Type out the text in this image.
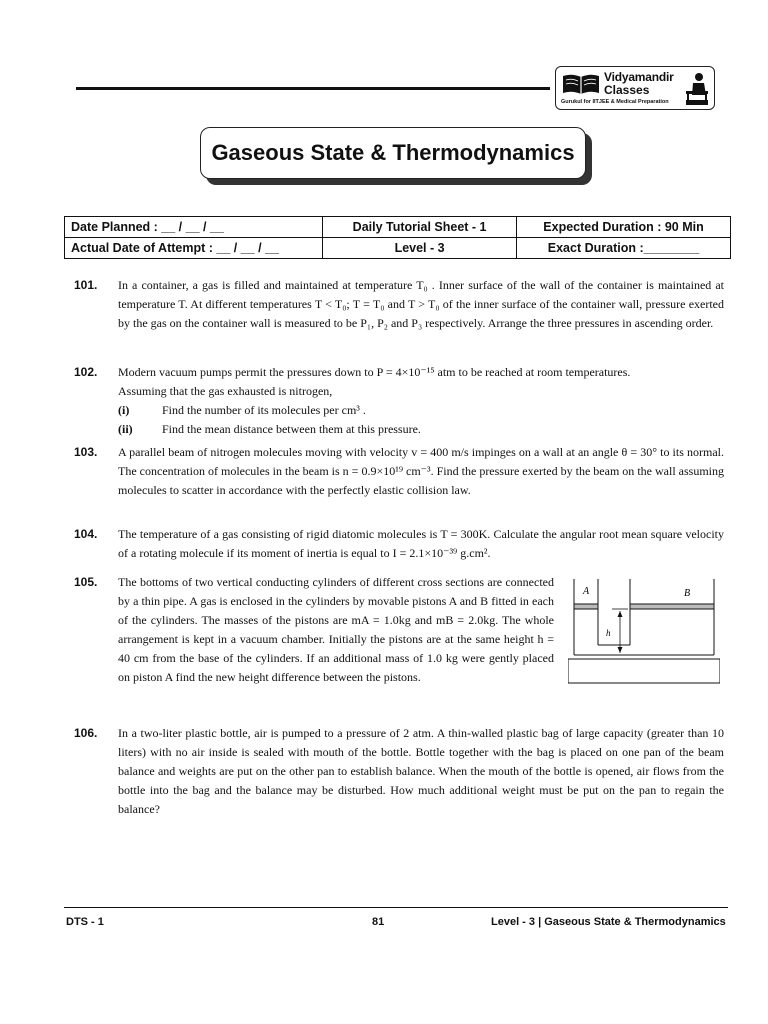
Vidyamandir
Classes
Gurukul for IITJEE & Medical Preparation
Gaseous State & Thermodynamics
Date Planned : __ / __ / __	Daily Tutorial Sheet - 1	Expected Duration : 90 Min
Actual Date of Attempt : __ / __ / __	Level - 3	Exact Duration :________
101. In a container, a gas is filled and maintained at temperature T₀ . Inner surface of the wall of the container is maintained at temperature T. At different temperatures T < T₀; T = T₀ and T > T₀ of the inner surface of the container wall, pressure exerted by the gas on the container wall is measured to be P₁, P₂ and P₃ respectively. Arrange the three pressures in ascending order.
102. Modern vacuum pumps permit the pressures down to P = 4×10⁻¹⁵ atm to be reached at room temperatures. Assuming that the gas exhausted is nitrogen,
(i)	Find the number of its molecules per cm³ .
(ii)	Find the mean distance between them at this pressure.
103. A parallel beam of nitrogen molecules moving with velocity v = 400 m/s impinges on a wall at an angle θ = 30° to its normal. The concentration of molecules in the beam is n = 0.9×10¹⁹ cm⁻³. Find the pressure exerted by the beam on the wall assuming molecules to scatter in accordance with the perfectly elastic collision law.
104. The temperature of a gas consisting of rigid diatomic molecules is T = 300K. Calculate the angular root mean square velocity of a rotating molecule if its moment of inertia is equal to I = 2.1×10⁻³⁹ g.cm².
105. The bottoms of two vertical conducting cylinders of different cross sections are connected by a thin pipe. A gas is enclosed in the cylinders by movable pistons A and B fitted in each of the cylinders. The masses of the pistons are mA = 1.0kg and mB = 2.0kg. The whole arrangement is kept in a vacuum chamber. Initially the pistons are at the same height h = 40 cm from the base of the cylinders. If an additional mass of 1.0 kg were gently placed on piston A find the new height difference between the pistons.
A	B
h
106. In a two-liter plastic bottle, air is pumped to a pressure of 2 atm. A thin-walled plastic bag of large capacity (greater than 10 liters) with no air inside is sealed with mouth of the bottle. Bottle together with the bag is placed on one pan of the beam balance and weights are put on the other pan to establish balance. When the mouth of the bottle is opened, air flows from the bottle into the bag and the balance may be disturbed. How much additional weight must be put on the pan to regain the balance?
DTS - 1	81	Level - 3 | Gaseous State & Thermodynamics
